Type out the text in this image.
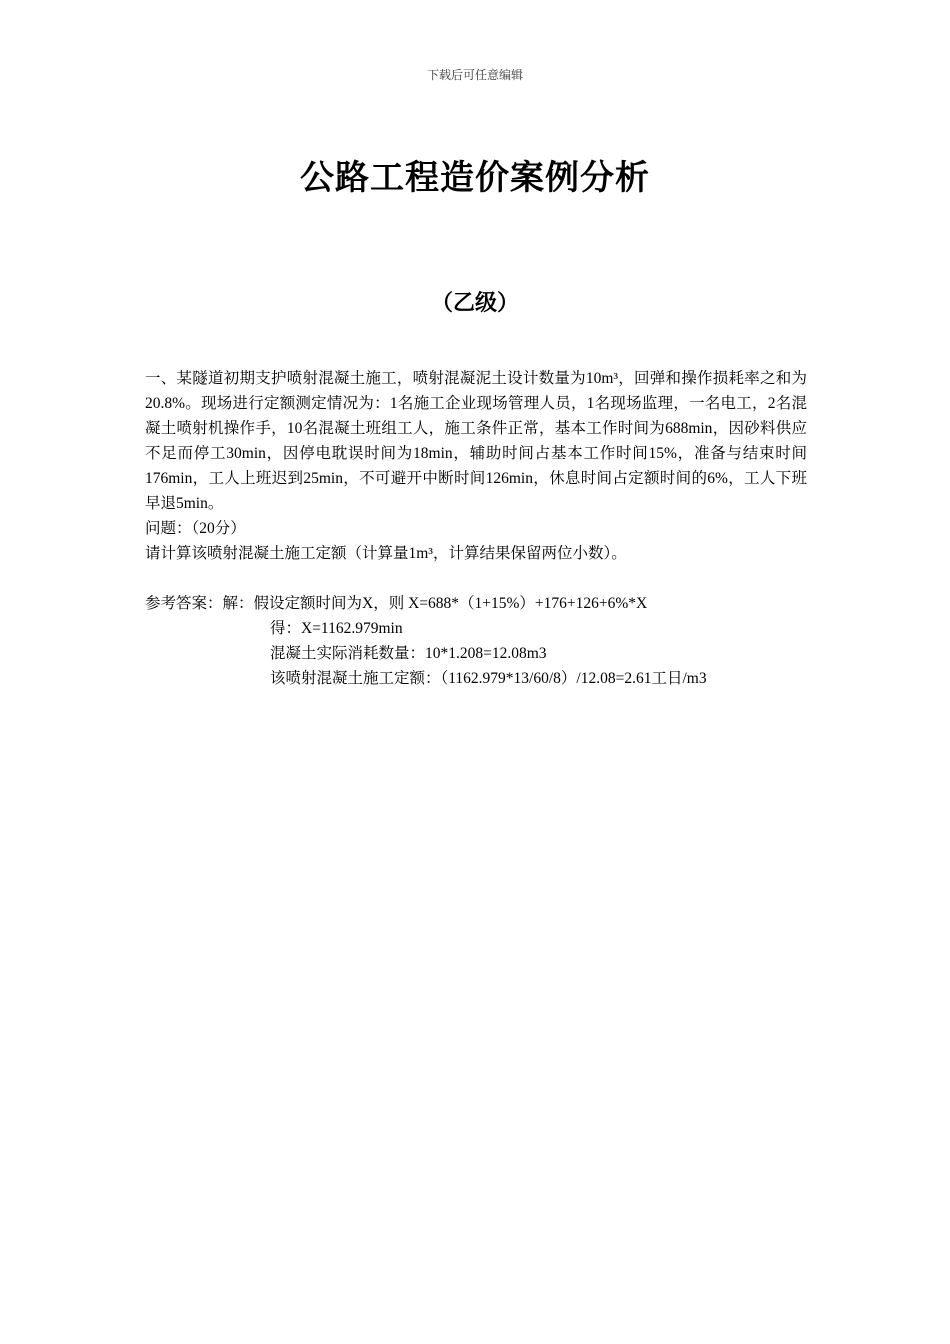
下载后可任意编辑
公路工程造价案例分析
（乙级）
一、某隧道初期支护喷射混凝土施工，喷射混凝泥土设计数量为10m³，回弹和操作损耗率之和为20.8%。现场进行定额测定情况为：1名施工企业现场管理人员，1名现场监理，一名电工，2名混凝土喷射机操作手，10名混凝土班组工人，施工条件正常，基本工作时间为688min，因砂料供应不足而停工30min，因停电耽误时间为18min，辅助时间占基本工作时间15%，准备与结束时间176min，工人上班迟到25min，不可避开中断时间126min，休息时间占定额时间的6%，工人下班早退5min。
问题：（20分）
请计算该喷射混凝土施工定额（计算量1m³，计算结果保留两位小数）。
参考答案：解：假设定额时间为X，则 X=688*（1+15%）+176+126+6%*X
得：X=1162.979min
混凝土实际消耗数量：10*1.208=12.08m3
该喷射混凝土施工定额：（1162.979*13/60/8）/12.08=2.61工日/m3
